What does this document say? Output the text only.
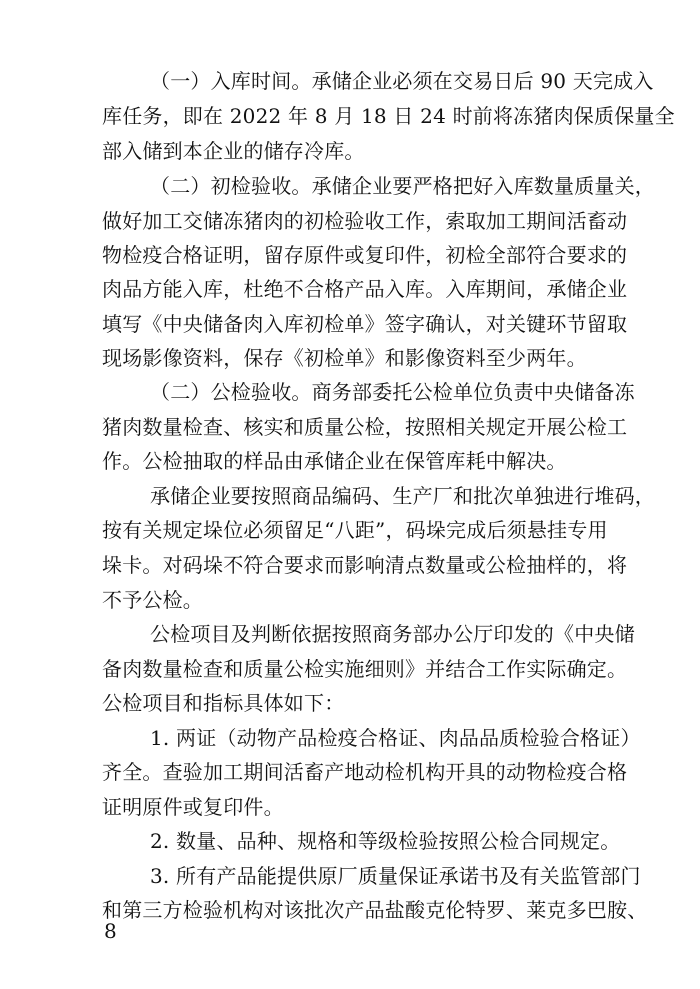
（一）入库时间。承储企业必须在交易日后 90 天完成入
库任务，即在 2022 年 8 月 18 日 24 时前将冻猪肉保质保量全
部入储到本企业的储存冷库。
（二）初检验收。承储企业要严格把好入库数量质量关，
做好加工交储冻猪肉的初检验收工作，索取加工期间活畜动
物检疫合格证明，留存原件或复印件，初检全部符合要求的
肉品方能入库，杜绝不合格产品入库。入库期间，承储企业
填写《中央储备肉入库初检单》签字确认，对关键环节留取
现场影像资料，保存《初检单》和影像资料至少两年。
（二）公检验收。商务部委托公检单位负责中央储备冻
猪肉数量检查、核实和质量公检，按照相关规定开展公检工
作。公检抽取的样品由承储企业在保管库耗中解决。
承储企业要按照商品编码、生产厂和批次单独进行堆码，
按有关规定垛位必须留足“八距”，码垛完成后须悬挂专用
垛卡。对码垛不符合要求而影响清点数量或公检抽样的，将
不予公检。
公检项目及判断依据按照商务部办公厅印发的《中央储
备肉数量检查和质量公检实施细则》并结合工作实际确定。
公检项目和指标具体如下：
1. 两证（动物产品检疫合格证、肉品品质检验合格证）
齐全。查验加工期间活畜产地动检机构开具的动物检疫合格
证明原件或复印件。
2. 数量、品种、规格和等级检验按照公检合同规定。
3. 所有产品能提供原厂质量保证承诺书及有关监管部门
和第三方检验机构对该批次产品盐酸克伦特罗、莱克多巴胺、
8
